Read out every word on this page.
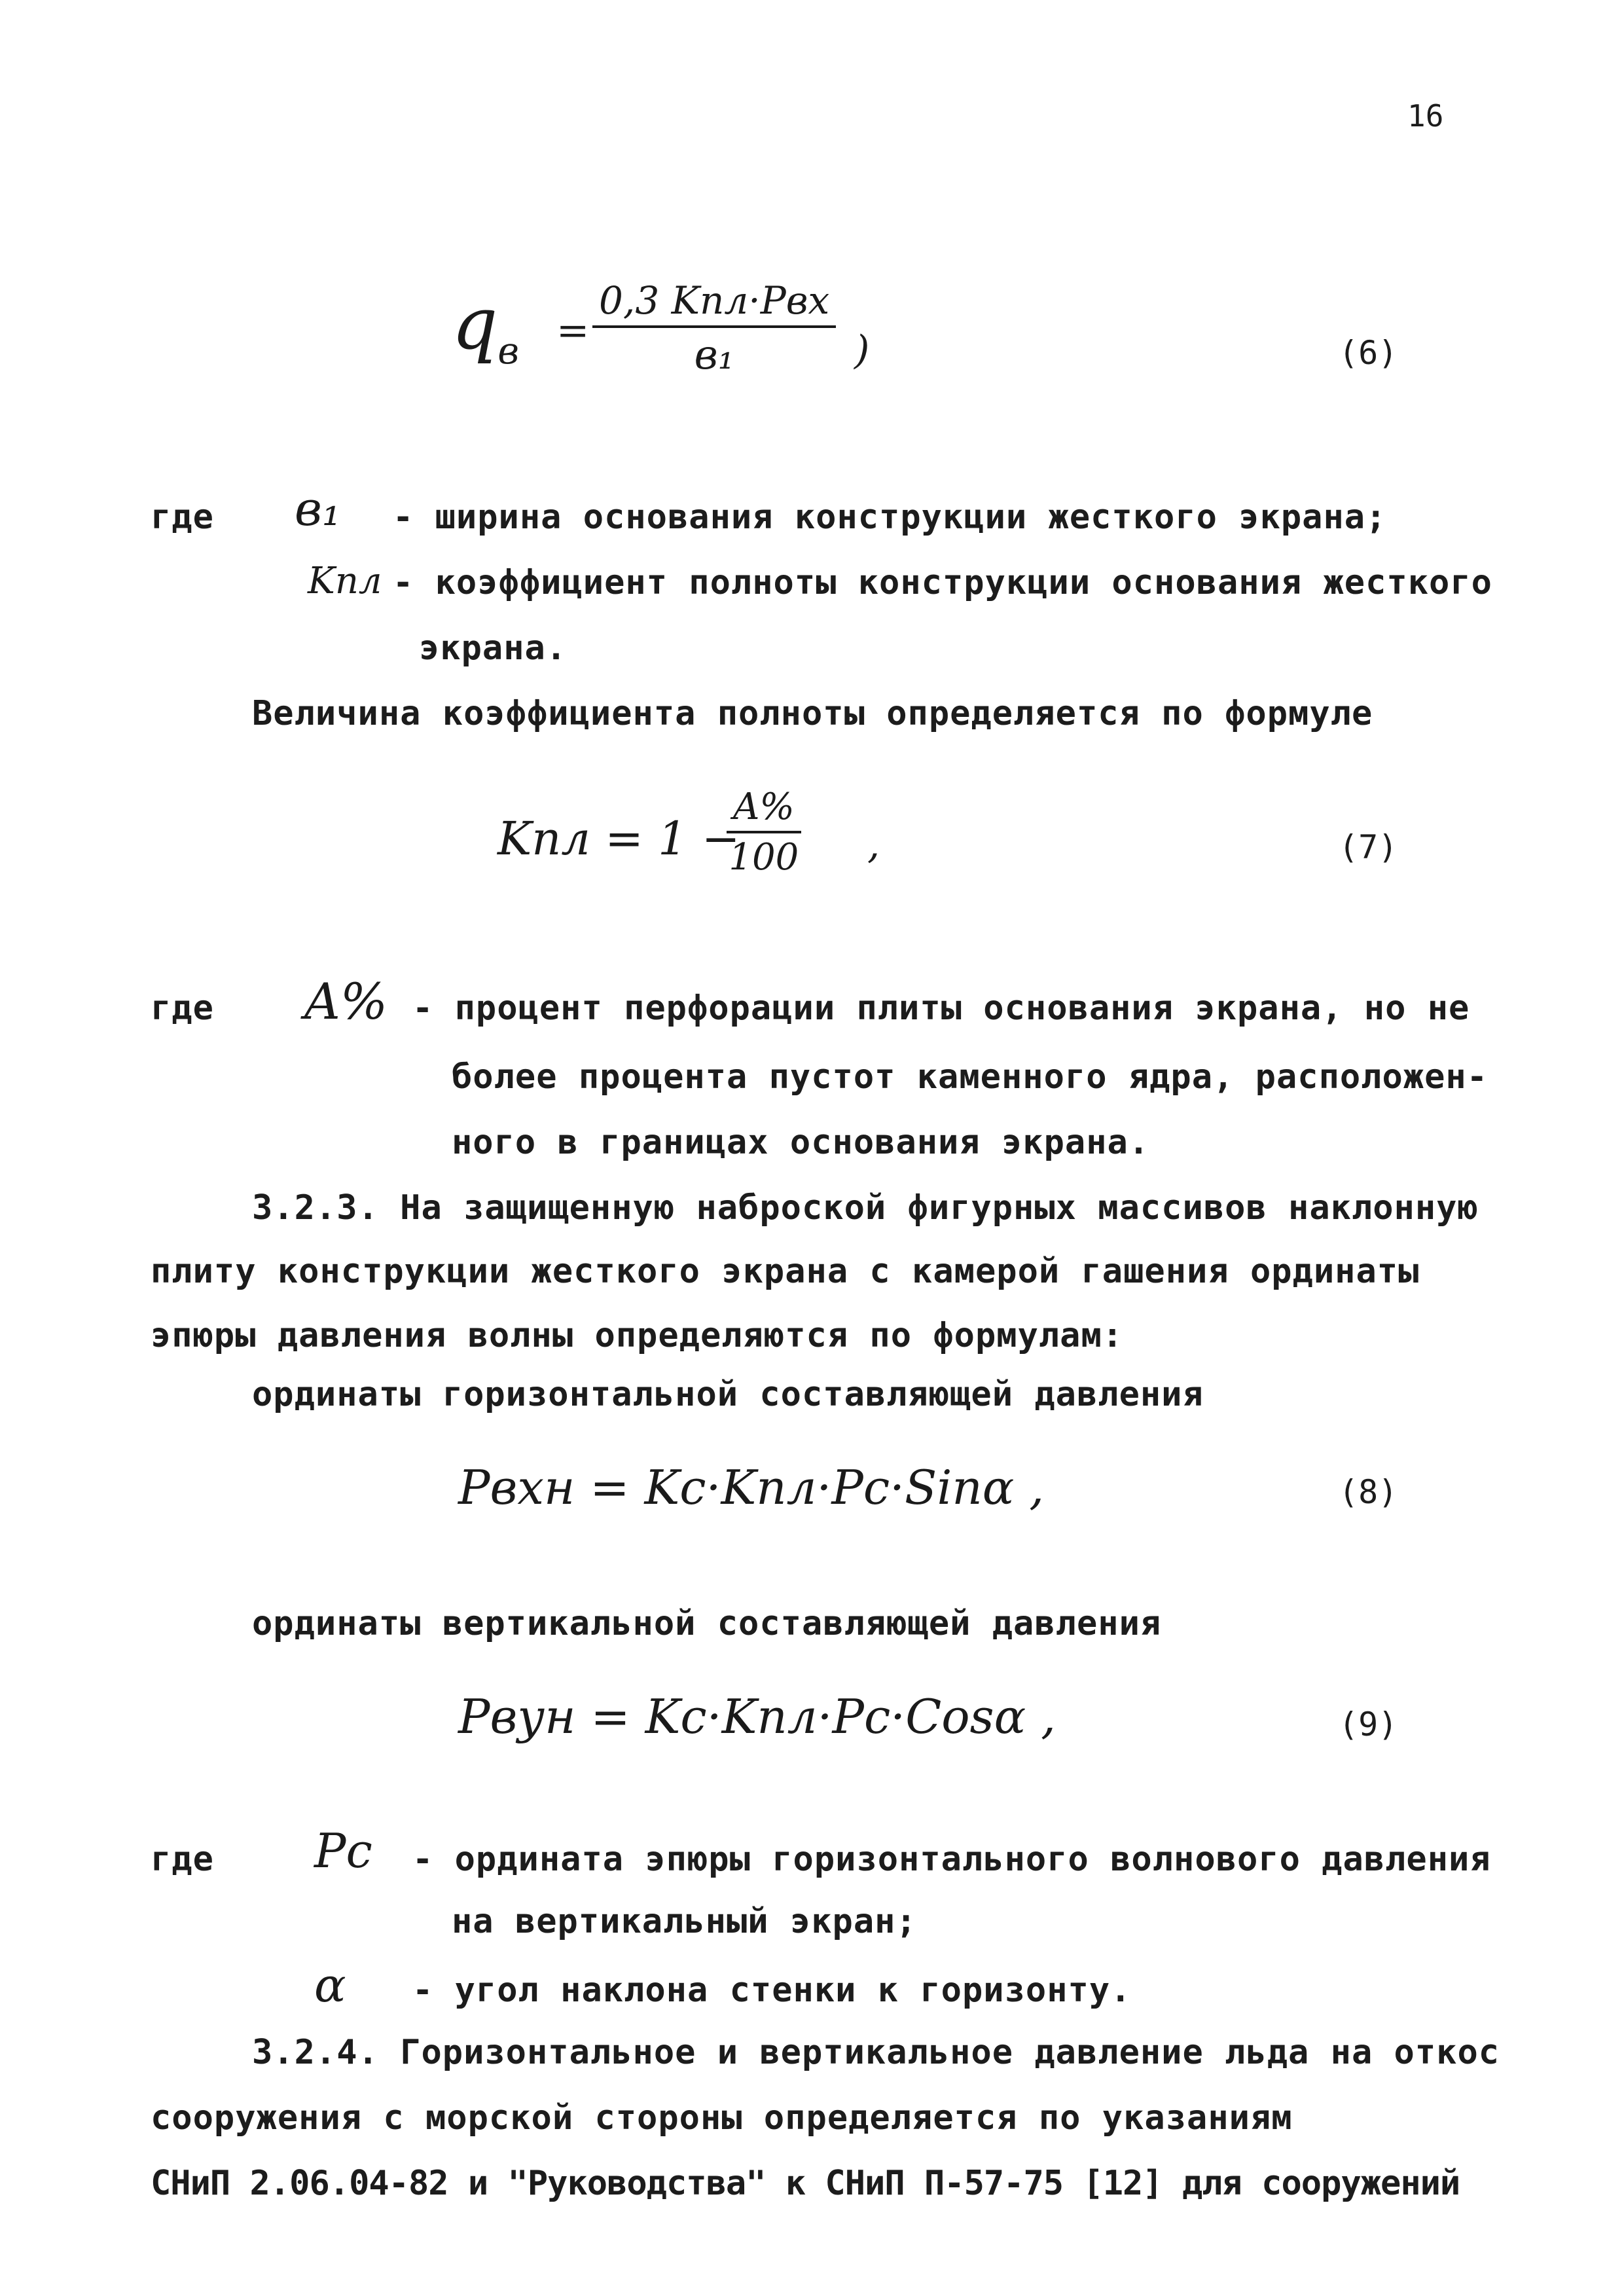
16
$q_в$ =
0,3 Kпл·Pвх
в₁	)	(6)
где в₁ - ширина основания конструкции жесткого экрана;
Kпл - коэффициент полноты конструкции основания жесткого
экрана.
Величина коэффициента полноты определяется по формуле
Kпл = 1 −
$\frac{A\%}{100}$ ,	(7)
где A% - процент перфорации плиты основания экрана, но не
более процента пустот каменного ядра, расположен-
ного в границах основания экрана.
3.2.3. На защищенную наброской фигурных массивов наклонную
плиту конструкции жесткого экрана с камерой гашения ординаты
эпюры давления волны определяются по формулам:
ординаты горизонтальной составляющей давления
Pвхн = Kc·Kпл·Pc·Sinα ,	(8)
ординаты вертикальной составляющей давления
Pвун = Kc·Kпл·Pc·Cosα ,	(9)
где Pc - ордината эпюры горизонтального волнового давления
на вертикальный экран;
α - угол наклона стенки к горизонту.
3.2.4. Горизонтальное и вертикальное давление льда на откос
сооружения с морской стороны определяется по указаниям
СНиП 2.06.04-82 и "Руководства" к СНиП П-57-75 [12] для сооружений
